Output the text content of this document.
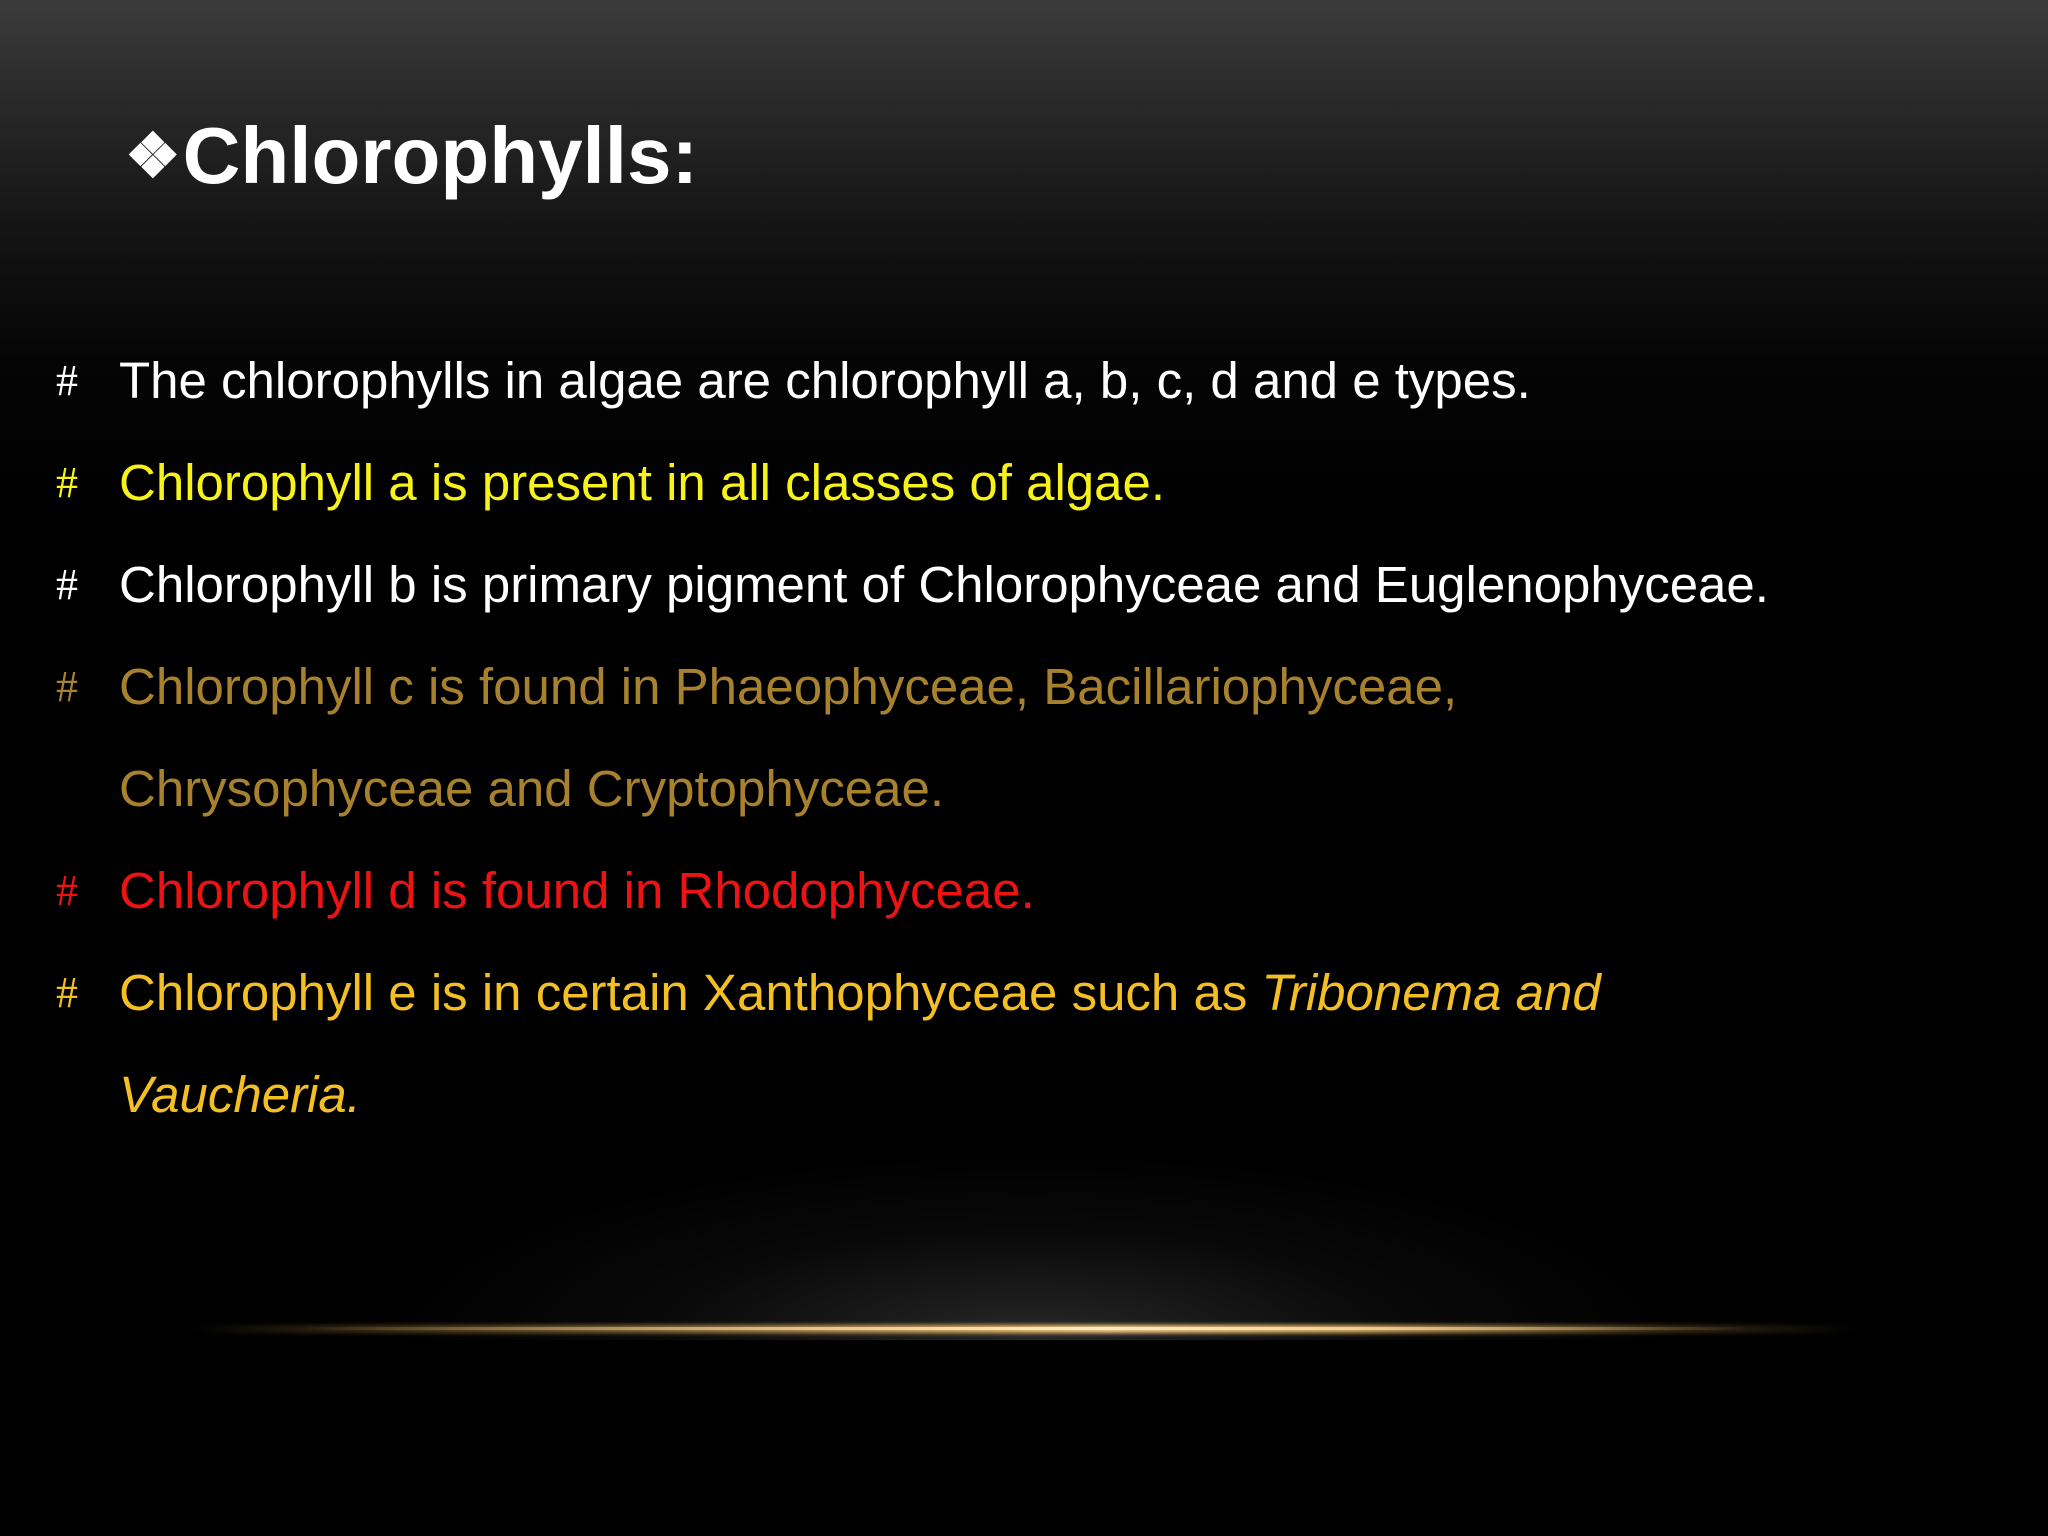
❖Chlorophylls:
# The chlorophylls in algae are chlorophyll a, b, c, d and e types.
# Chlorophyll a is present in all classes of algae.
# Chlorophyll b is primary pigment of Chlorophyceae and Euglenophyceae.
# Chlorophyll c is found in Phaeophyceae, Bacillariophyceae,
Chrysophyceae and Cryptophyceae.
# Chlorophyll d is found in Rhodophyceae.
# Chlorophyll e is in certain Xanthophyceae such as Tribonema and
Vaucheria.
